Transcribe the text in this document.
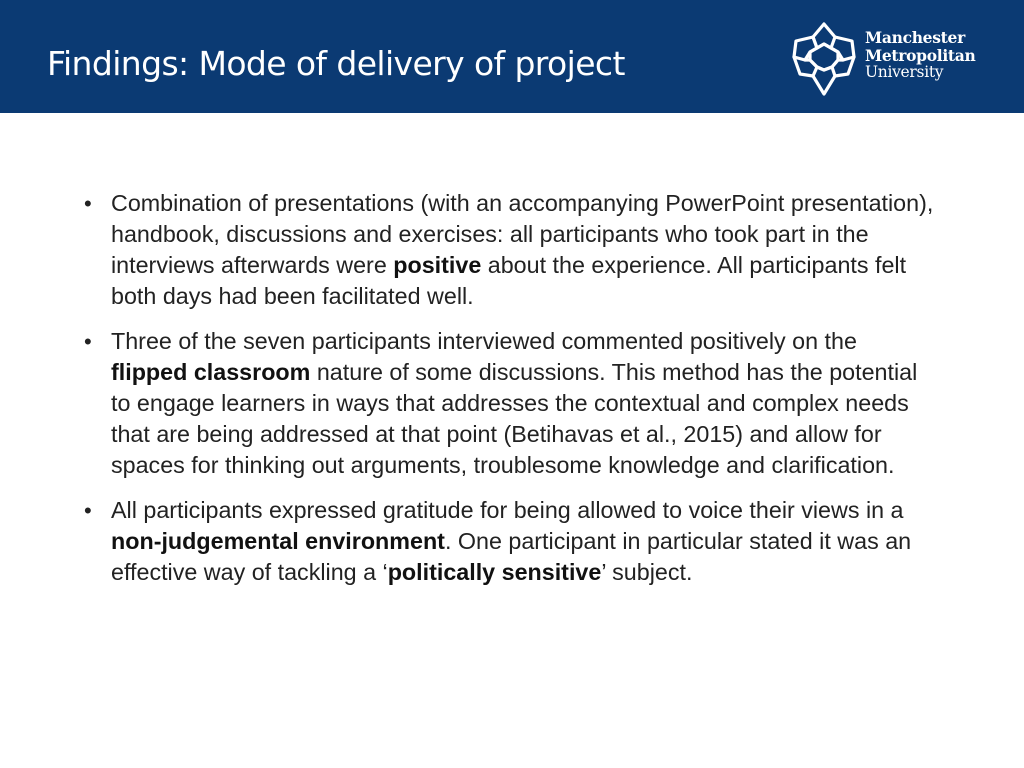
Findings: Mode of delivery of project
Manchester
Metropolitan
University
• Combination of presentations (with an accompanying PowerPoint presentation), handbook, discussions and exercises: all participants who took part in the interviews afterwards were positive about the experience. All participants felt both days had been facilitated well.
• Three of the seven participants interviewed commented positively on the flipped classroom nature of some discussions. This method has the potential to engage learners in ways that addresses the contextual and complex needs that are being addressed at that point (Betihavas et al., 2015) and allow for spaces for thinking out arguments, troublesome knowledge and clarification.
• All participants expressed gratitude for being allowed to voice their views in a non-judgemental environment. One participant in particular stated it was an effective way of tackling a ‘politically sensitive’ subject.
